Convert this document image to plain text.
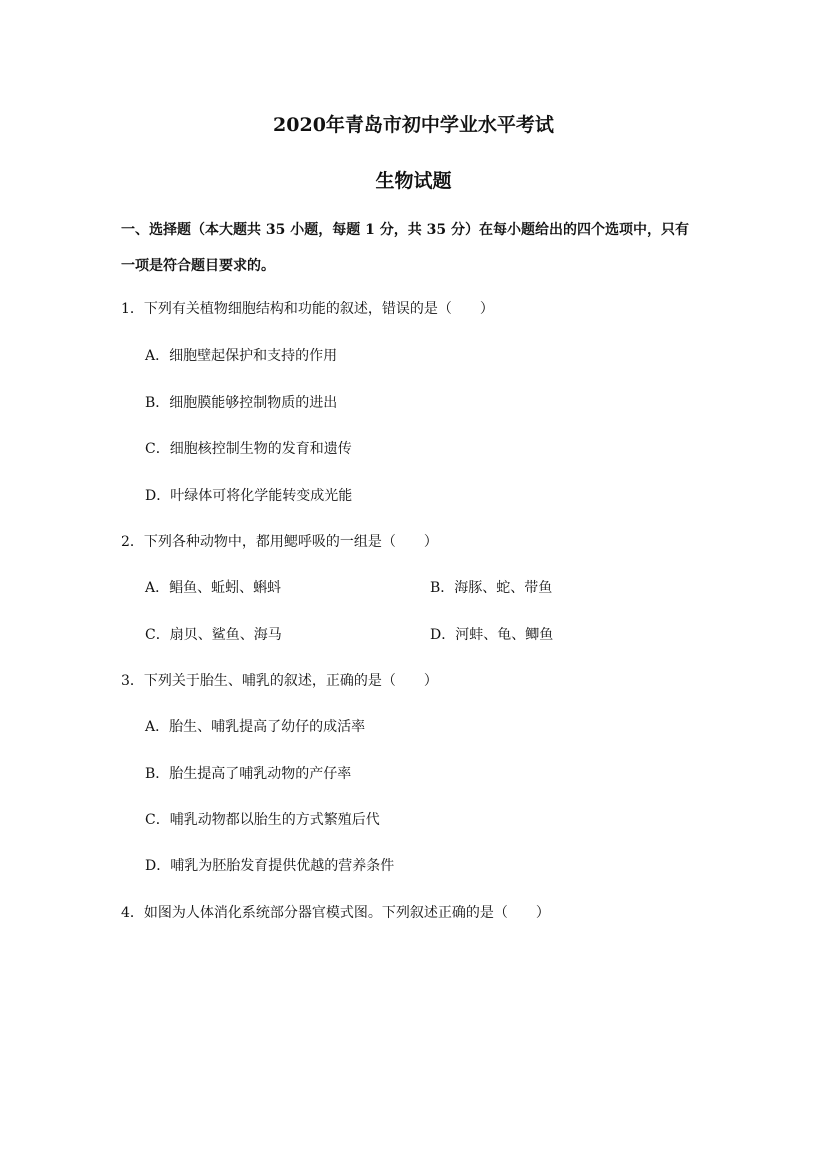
2020年青岛市初中学业水平考试
生物试题
一、选择题（本大题共 35 小题，每题 1 分，共 35 分）在每小题给出的四个选项中，只有
一项是符合题目要求的。
1．下列有关植物细胞结构和功能的叙述，错误的是（　　）
A．细胞壁起保护和支持的作用
B．细胞膜能够控制物质的进出
C．细胞核控制生物的发育和遗传
D．叶绿体可将化学能转变成光能
2．下列各种动物中，都用鳃呼吸的一组是（　　）
A．鲳鱼、蚯蚓、蝌蚪	B．海豚、蛇、带鱼
C．扇贝、鲨鱼、海马	D．河蚌、龟、鲫鱼
3．下列关于胎生、哺乳的叙述，正确的是（　　）
A．胎生、哺乳提高了幼仔的成活率
B．胎生提高了哺乳动物的产仔率
C．哺乳动物都以胎生的方式繁殖后代
D．哺乳为胚胎发育提供优越的营养条件
4．如图为人体消化系统部分器官模式图。下列叙述正确的是（　　）
